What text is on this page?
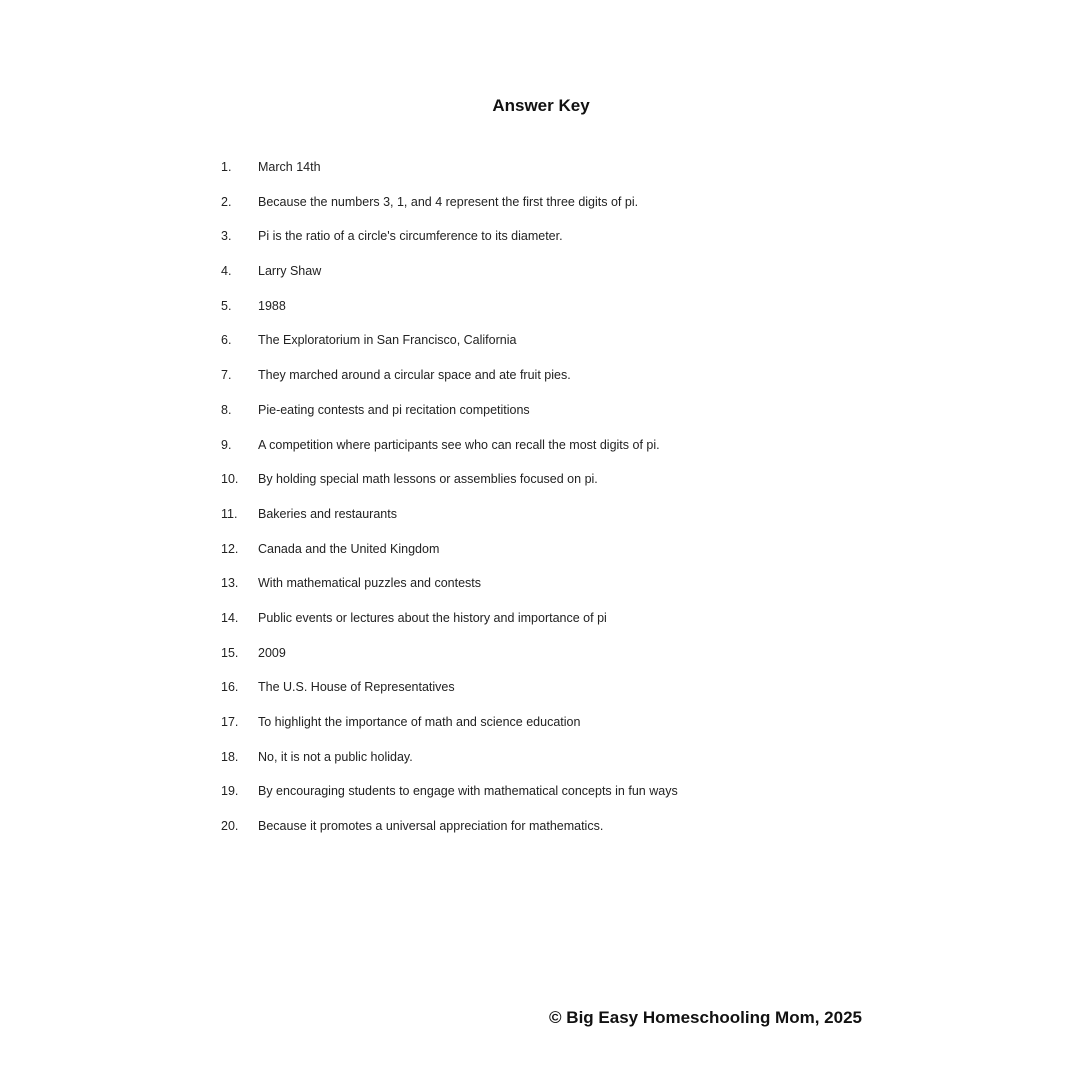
Answer Key
1.	March 14th
2.	Because the numbers 3, 1, and 4 represent the first three digits of pi.
3.	Pi is the ratio of a circle's circumference to its diameter.
4.	Larry Shaw
5.	1988
6.	The Exploratorium in San Francisco, California
7.	They marched around a circular space and ate fruit pies.
8.	Pie-eating contests and pi recitation competitions
9.	A competition where participants see who can recall the most digits of pi.
10.	By holding special math lessons or assemblies focused on pi.
11.	Bakeries and restaurants
12.	Canada and the United Kingdom
13.	With mathematical puzzles and contests
14.	Public events or lectures about the history and importance of pi
15.	2009
16.	The U.S. House of Representatives
17.	To highlight the importance of math and science education
18.	No, it is not a public holiday.
19.	By encouraging students to engage with mathematical concepts in fun ways
20.	Because it promotes a universal appreciation for mathematics.
© Big Easy Homeschooling Mom, 2025
